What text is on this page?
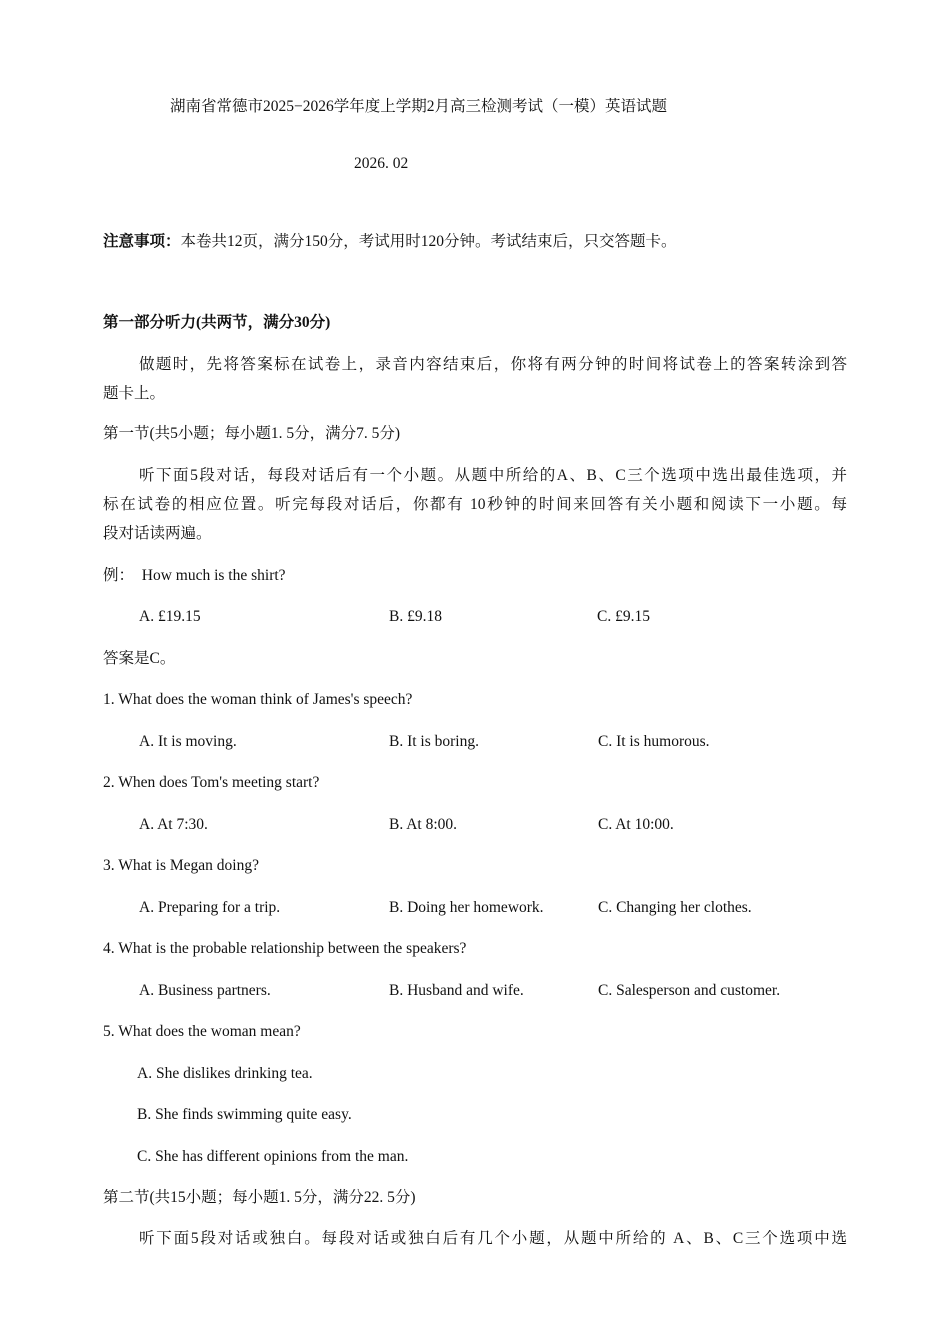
湖南省常德市2025−2026学年度上学期2月高三检测考试（一模）英语试题
2026. 02
注意事项：本卷共12页，满分150分，考试用时120分钟。考试结束后，只交答题卡。
第一部分听力(共两节，满分30分)
做题时，先将答案标在试卷上，录音内容结束后，你将有两分钟的时间将试卷上的答案转涂到答
题卡上。
第一节(共5小题；每小题1. 5分，满分7. 5分)
听下面5段对话，每段对话后有一个小题。从题中所给的A、B、C三个选项中选出最佳选项，并
标在试卷的相应位置。听完每段对话后，你都有 10秒钟的时间来回答有关小题和阅读下一小题。每
段对话读两遍。
例： How much is the shirt?
A. £19.15	B. £9.18	C. £9.15
答案是C。
1. What does the woman think of James's speech?
A. It is moving.	B. It is boring.	C. It is humorous.
2. When does Tom's meeting start?
A. At 7:30.	B. At 8:00.	C. At 10:00.
3. What is Megan doing?
A. Preparing for a trip.	B. Doing her homework.	C. Changing her clothes.
4. What is the probable relationship between the speakers?
A. Business partners.	B. Husband and wife.	C. Salesperson and customer.
5. What does the woman mean?
A. She dislikes drinking tea.
B. She finds swimming quite easy.
C. She has different opinions from the man.
第二节(共15小题；每小题1. 5分，满分22. 5分)
听下面5段对话或独白。每段对话或独白后有几个小题，从题中所给的 A、B、C三个选项中选
